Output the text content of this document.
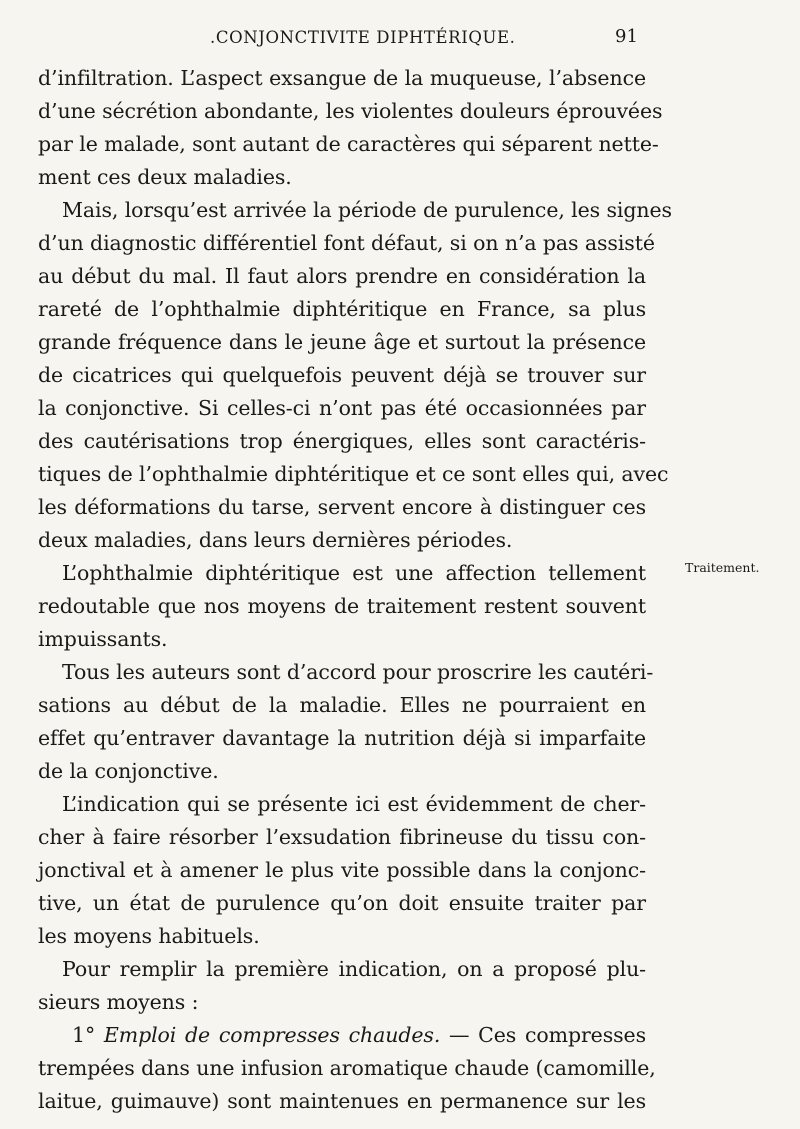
.CONJONCTIVITE DIPHTÉRIQUE.	91
Traitement.
d’infiltration. L’aspect exsangue de la muqueuse, l’absence
d’une sécrétion abondante, les violentes douleurs éprouvées
par le malade, sont autant de caractères qui séparent nette-
ment ces deux maladies.
Mais, lorsqu’est arrivée la période de purulence, les signes
d’un diagnostic différentiel font défaut, si on n’a pas assisté
au début du mal. Il faut alors prendre en considération la
rareté de l’ophthalmie diphtéritique en France, sa plus
grande fréquence dans le jeune âge et surtout la présence
de cicatrices qui quelquefois peuvent déjà se trouver sur
la conjonctive. Si celles-ci n’ont pas été occasionnées par
des cautérisations trop énergiques, elles sont caractéris-
tiques de l’ophthalmie diphtéritique et ce sont elles qui, avec
les déformations du tarse, servent encore à distinguer ces
deux maladies, dans leurs dernières périodes.
L’ophthalmie diphtéritique est une affection tellement
redoutable que nos moyens de traitement restent souvent
impuissants.
Tous les auteurs sont d’accord pour proscrire les cautéri-
sations au début de la maladie. Elles ne pourraient en
effet qu’entraver davantage la nutrition déjà si imparfaite
de la conjonctive.
L’indication qui se présente ici est évidemment de cher-
cher à faire résorber l’exsudation fibrineuse du tissu con-
jonctival et à amener le plus vite possible dans la conjonc-
tive, un état de purulence qu’on doit ensuite traiter par
les moyens habituels.
Pour remplir la première indication, on a proposé plu-
sieurs moyens :
1° Emploi de compresses chaudes. — Ces compresses
trempées dans une infusion aromatique chaude (camomille,
laitue, guimauve) sont maintenues en permanence sur les
